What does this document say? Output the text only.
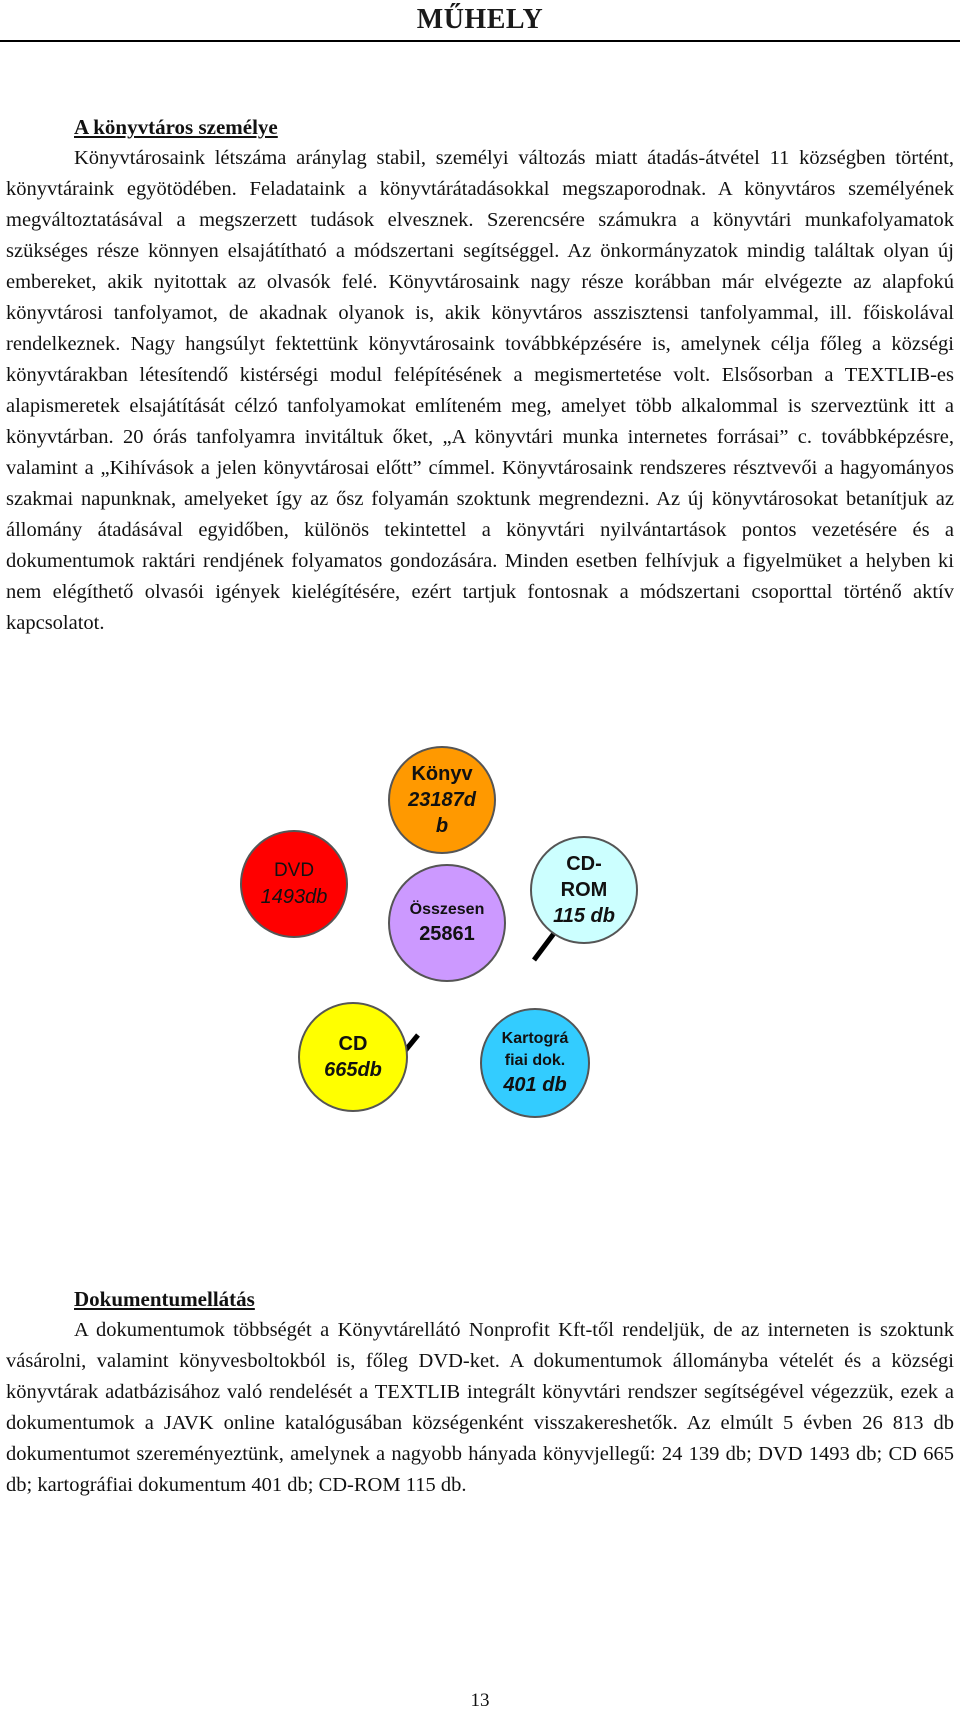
MŰHELY

A könyvtáros személye

Könyvtárosaink létszáma aránylag stabil, személyi változás miatt átadás-átvétel 11 községben történt, könyvtáraink egyötödében. Feladataink a könyvtárátadásokkal megszaporodnak. A könyvtáros személyének megváltoztatásával a megszerzett tudások elvesznek. Szerencsére számukra a könyvtári munkafolyamatok szükséges része könnyen elsajátítható a módszertani segítséggel. Az önkormányzatok mindig találtak olyan új embereket, akik nyitottak az olvasók felé. Könyvtárosaink nagy része korábban már elvégezte az alapfokú könyvtárosi tanfolyamot, de akadnak olyanok is, akik könyvtáros asszisztensi tanfolyammal, ill. főiskolával rendelkeznek. Nagy hangsúlyt fektettünk könyvtárosaink továbbképzésére is, amelynek célja főleg a községi könyvtárakban létesítendő kistérségi modul felépítésének a megismertetése volt. Elsősorban a TEXTLIB-es alapismeretek elsajátítását célzó tanfolyamokat említeném meg, amelyet több alkalommal is szerveztünk itt a könyvtárban. 20 órás tanfolyamra invitáltuk őket, „A könyvtári munka internetes forrásai” c. továbbképzésre, valamint a „Kihívások a jelen könyvtárosai előtt” címmel. Könyvtárosaink rendszeres résztvevői a hagyományos szakmai napunknak, amelyeket így az ősz folyamán szoktunk megrendezni. Az új könyvtárosokat betanítjuk az állomány átadásával egyidőben, különös tekintettel a könyvtári nyilvántartások pontos vezetésére és a dokumentumok raktári rendjének folyamatos gondozására. Minden esetben felhívjuk a figyelmüket a helyben ki nem elégíthető olvasói igények kielégítésére, ezért tartjuk fontosnak a módszertani csoporttal történő aktív kapcsolatot.

Könyv
23187d b
DVD
1493db
CD- ROM
115 db
Összesen
25861
CD
665db
Kartográ fiai dok.
401 db

Dokumentumellátás

A dokumentumok többségét a Könyvtárellátó Nonprofit Kft-től rendeljük, de az interneten is szoktunk vásárolni, valamint könyvesboltokból is, főleg DVD-ket. A dokumentumok állományba vételét és a községi könyvtárak adatbázisához való rendelését a TEXTLIB integrált könyvtári rendszer segítségével végezzük, ezek a dokumentumok a JAVK online katalógusában községenként visszakereshetők. Az elmúlt 5 évben 26 813 db dokumentumot szereményeztünk, amelynek a nagyobb hányada könyvjellegű: 24 139 db; DVD 1493 db; CD 665 db; kartográfiai dokumentum 401 db; CD-ROM 115 db.

13
